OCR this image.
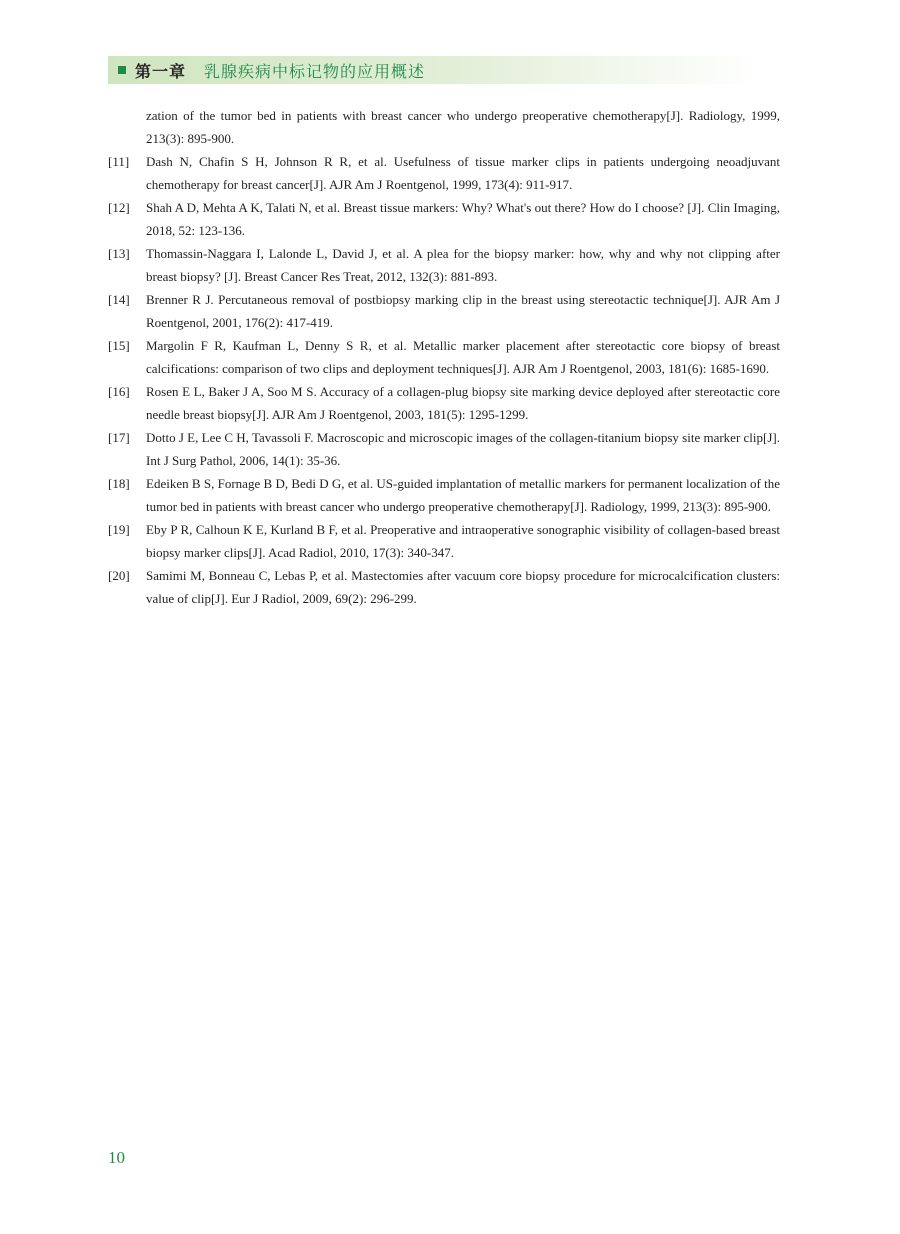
第一章 乳腺疾病中标记物的应用概述
zation of the tumor bed in patients with breast cancer who undergo preoperative chemotherapy[J]. Radiology, 1999, 213(3): 895-900.
[11]	Dash N, Chafin S H, Johnson R R, et al. Usefulness of tissue marker clips in patients undergoing neoadjuvant chemotherapy for breast cancer[J]. AJR Am J Roentgenol, 1999, 173(4): 911-917.
[12]	Shah A D, Mehta A K, Talati N, et al. Breast tissue markers: Why? What's out there? How do I choose? [J]. Clin Imaging, 2018, 52: 123-136.
[13]	Thomassin-Naggara I, Lalonde L, David J, et al. A plea for the biopsy marker: how, why and why not clipping after breast biopsy? [J]. Breast Cancer Res Treat, 2012, 132(3): 881-893.
[14]	Brenner R J. Percutaneous removal of postbiopsy marking clip in the breast using stereotactic technique[J]. AJR Am J Roentgenol, 2001, 176(2): 417-419.
[15]	Margolin F R, Kaufman L, Denny S R, et al. Metallic marker placement after stereotactic core biopsy of breast calcifications: comparison of two clips and deployment techniques[J]. AJR Am J Roentgenol, 2003, 181(6): 1685-1690.
[16]	Rosen E L, Baker J A, Soo M S. Accuracy of a collagen-plug biopsy site marking device deployed after stereotactic core needle breast biopsy[J]. AJR Am J Roentgenol, 2003, 181(5): 1295-1299.
[17]	Dotto J E, Lee C H, Tavassoli F. Macroscopic and microscopic images of the collagen-titanium biopsy site marker clip[J]. Int J Surg Pathol, 2006, 14(1): 35-36.
[18]	Edeiken B S, Fornage B D, Bedi D G, et al. US-guided implantation of metallic markers for permanent localization of the tumor bed in patients with breast cancer who undergo preoperative chemotherapy[J]. Radiology, 1999, 213(3): 895-900.
[19]	Eby P R, Calhoun K E, Kurland B F, et al. Preoperative and intraoperative sonographic visibility of collagen-based breast biopsy marker clips[J]. Acad Radiol, 2010, 17(3): 340-347.
[20]	Samimi M, Bonneau C, Lebas P, et al. Mastectomies after vacuum core biopsy procedure for microcalcification clusters: value of clip[J]. Eur J Radiol, 2009, 69(2): 296-299.
10
